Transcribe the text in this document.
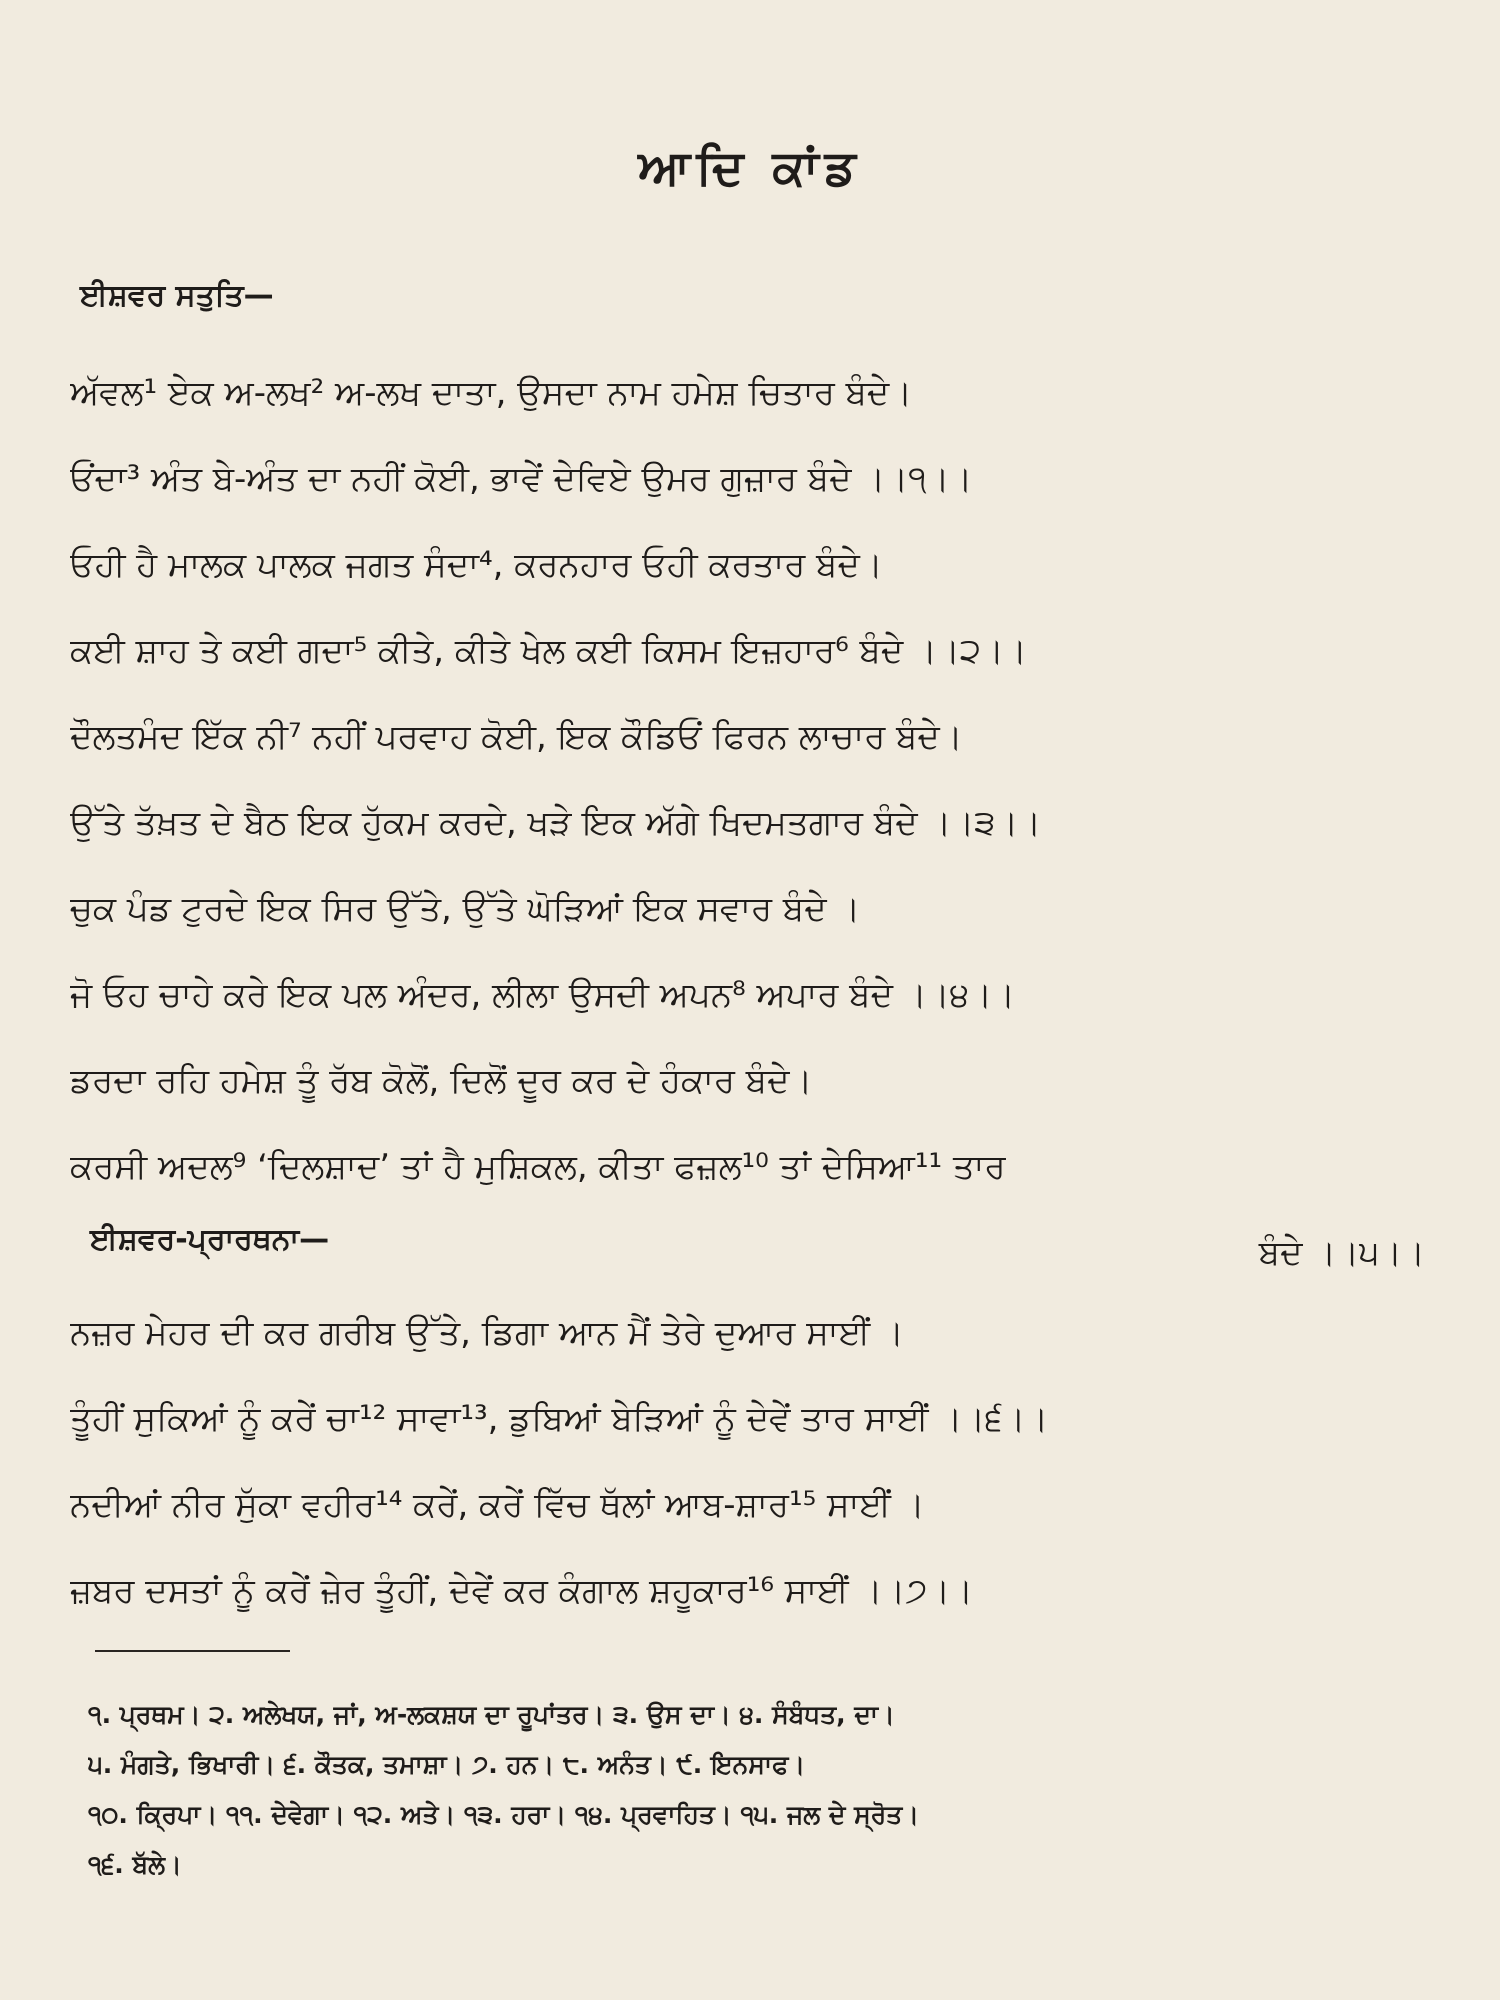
ਆਦਿ ਕਾਂਡ
ਈਸ਼ਵਰ ਸਤੁਤਿ—
ਅੱਵਲ¹ ਏਕ ਅ-ਲਖ² ਅ-ਲਖ ਦਾਤਾ, ਉਸਦਾ ਨਾਮ ਹਮੇਸ਼ ਚਿਤਾਰ ਬੰਦੇ।
ਓਂਦਾ³ ਅੰਤ ਬੇ-ਅੰਤ ਦਾ ਨਹੀਂ ਕੋਈ, ਭਾਵੇਂ ਦੇਵਿਏ ਉਮਰ ਗੁਜ਼ਾਰ ਬੰਦੇ ।।੧।।
ਓਹੀ ਹੈ ਮਾਲਕ ਪਾਲਕ ਜਗਤ ਸੰਦਾ⁴, ਕਰਨਹਾਰ ਓਹੀ ਕਰਤਾਰ ਬੰਦੇ।
ਕਈ ਸ਼ਾਹ ਤੇ ਕਈ ਗਦਾ⁵ ਕੀਤੇ, ਕੀਤੇ ਖੇਲ ਕਈ ਕਿਸਮ ਇਜ਼ਹਾਰ⁶ ਬੰਦੇ ।।੨।।
ਦੌਲਤਮੰਦ ਇੱਕ ਨੀ⁷ ਨਹੀਂ ਪਰਵਾਹ ਕੋਈ, ਇਕ ਕੌਡਿਓਂ ਫਿਰਨ ਲਾਚਾਰ ਬੰਦੇ।
ਉੱਤੇ ਤੱਖ਼ਤ ਦੇ ਬੈਠ ਇਕ ਹੁੱਕਮ ਕਰਦੇ, ਖੜੇ ਇਕ ਅੱਗੇ ਖਿਦਮਤਗਾਰ ਬੰਦੇ ।।੩।।
ਚੁਕ ਪੰਡ ਟੁਰਦੇ ਇਕ ਸਿਰ ਉੱਤੇ, ਉੱਤੇ ਘੋੜਿਆਂ ਇਕ ਸਵਾਰ ਬੰਦੇ ।
ਜੋ ਓਹ ਚਾਹੇ ਕਰੇ ਇਕ ਪਲ ਅੰਦਰ, ਲੀਲਾ ਉਸਦੀ ਅਪਨ⁸ ਅਪਾਰ ਬੰਦੇ ।।੪।।
ਡਰਦਾ ਰਹਿ ਹਮੇਸ਼ ਤੂੰ ਰੱਬ ਕੋਲੋਂ, ਦਿਲੋਂ ਦੂਰ ਕਰ ਦੇ ਹੰਕਾਰ ਬੰਦੇ।
ਕਰਸੀ ਅਦਲ⁹ ‘ਦਿਲਸ਼ਾਦ’ ਤਾਂ ਹੈ ਮੁਸ਼ਿਕਲ, ਕੀਤਾ ਫਜ਼ਲ¹⁰ ਤਾਂ ਦੇਸਿਆ¹¹ ਤਾਰ
ਬੰਦੇ ।।੫।।
ਈਸ਼ਵਰ-ਪ੍ਰਾਰਥਨਾ—
ਨਜ਼ਰ ਮੇਹਰ ਦੀ ਕਰ ਗਰੀਬ ਉੱਤੇ, ਡਿਗਾ ਆਨ ਮੈਂ ਤੇਰੇ ਦੁਆਰ ਸਾਈਂ ।
ਤੂੰਹੀਂ ਸੁਕਿਆਂ ਨੂੰ ਕਰੇਂ ਚਾ¹² ਸਾਵਾ¹³, ਡੁਬਿਆਂ ਬੇੜਿਆਂ ਨੂੰ ਦੇਵੇਂ ਤਾਰ ਸਾਈਂ ।।੬।।
ਨਦੀਆਂ ਨੀਰ ਸੁੱਕਾ ਵਹੀਰ¹⁴ ਕਰੇਂ, ਕਰੇਂ ਵਿੱਚ ਥੱਲਾਂ ਆਬ-ਸ਼ਾਰ¹⁵ ਸਾਈਂ ।
ਜ਼ਬਰ ਦਸਤਾਂ ਨੂੰ ਕਰੇਂ ਜ਼ੇਰ ਤੂੰਹੀਂ, ਦੇਵੇਂ ਕਰ ਕੰਗਾਲ ਸ਼ਹੂਕਾਰ¹⁶ ਸਾਈਂ ।।੭।।
੧. ਪ੍ਰਥਮ। ੨. ਅਲੇਖਯ, ਜਾਂ, ਅ-ਲਕਸ਼ਯ ਦਾ ਰੂਪਾਂਤਰ। ੩. ਉਸ ਦਾ। ੪. ਸੰਬੰਧਤ, ਦਾ।
੫. ਮੰਗਤੇ, ਭਿਖਾਰੀ। ੬. ਕੌਤਕ, ਤਮਾਸ਼ਾ। ੭. ਹਨ। ੮. ਅਨੰਤ। ੯. ਇਨਸਾਫ।
੧੦. ਕ੍ਰਿਪਾ। ੧੧. ਦੇਵੇਗਾ। ੧੨. ਅਤੇ। ੧੩. ਹਰਾ। ੧੪. ਪ੍ਰਵਾਹਿਤ। ੧੫. ਜਲ ਦੇ ਸ੍ਰੋਤ।
੧੬. ਬੱਲੇ।
